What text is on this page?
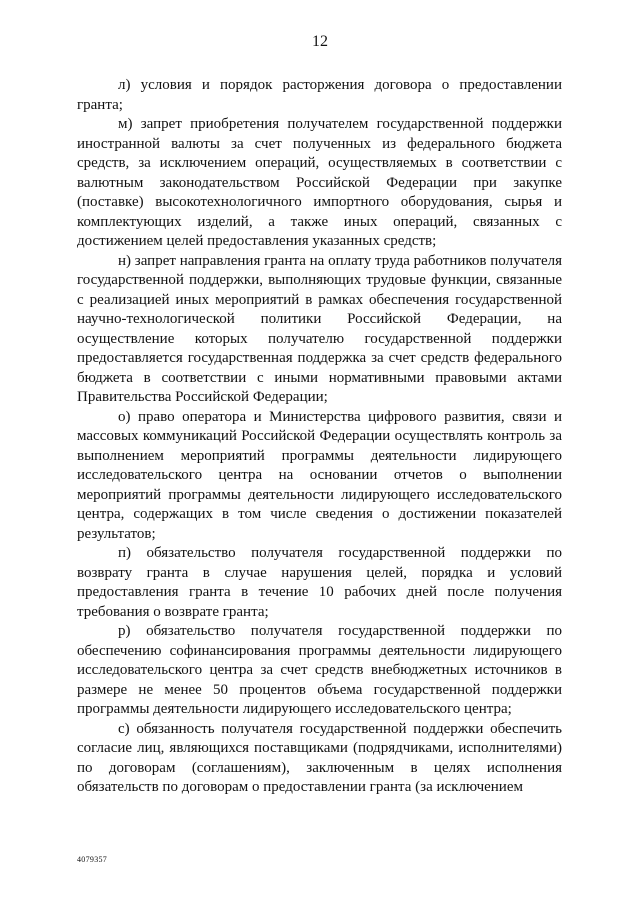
12

л) условия и порядок расторжения договора о предоставлении гранта;

м) запрет приобретения получателем государственной поддержки иностранной валюты за счет полученных из федерального бюджета средств, за исключением операций, осуществляемых в соответствии с валютным законодательством Российской Федерации при закупке (поставке) высокотехнологичного импортного оборудования, сырья и комплектующих изделий, а также иных операций, связанных с достижением целей предоставления указанных средств;

н) запрет направления гранта на оплату труда работников получателя государственной поддержки, выполняющих трудовые функции, связанные с реализацией иных мероприятий в рамках обеспечения государственной научно-технологической политики Российской Федерации, на осуществление которых получателю государственной поддержки предоставляется государственная поддержка за счет средств федерального бюджета в соответствии с иными нормативными правовыми актами Правительства Российской Федерации;

о) право оператора и Министерства цифрового развития, связи и массовых коммуникаций Российской Федерации осуществлять контроль за выполнением мероприятий программы деятельности лидирующего исследовательского центра на основании отчетов о выполнении мероприятий программы деятельности лидирующего исследовательского центра, содержащих в том числе сведения о достижении показателей результатов;

п) обязательство получателя государственной поддержки по возврату гранта в случае нарушения целей, порядка и условий предоставления гранта в течение 10 рабочих дней после получения требования о возврате гранта;

р) обязательство получателя государственной поддержки по обеспечению софинансирования программы деятельности лидирующего исследовательского центра за счет средств внебюджетных источников в размере не менее 50 процентов объема государственной поддержки программы деятельности лидирующего исследовательского центра;

с) обязанность получателя государственной поддержки обеспечить согласие лиц, являющихся поставщиками (подрядчиками, исполнителями) по договорам (соглашениям), заключенным в целях исполнения обязательств по договорам о предоставлении гранта (за исключением

4079357
